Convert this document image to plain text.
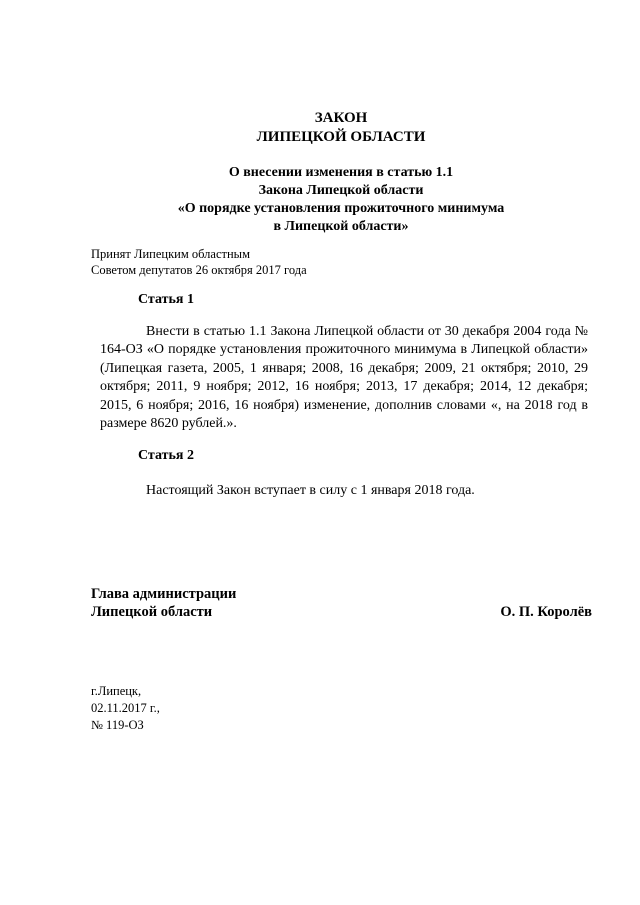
ЗАКОН
ЛИПЕЦКОЙ ОБЛАСТИ
О внесении изменения в статью 1.1
Закона Липецкой области
«О порядке установления прожиточного минимума
в Липецкой области»
Принят Липецким областным
Советом депутатов 26 октября 2017 года
Статья 1
Внести в статью 1.1 Закона Липецкой области от 30 декабря 2004 года № 164-ОЗ «О порядке установления прожиточного минимума в Липецкой области» (Липецкая газета, 2005, 1 января; 2008, 16 декабря; 2009, 21 октября; 2010, 29 октября; 2011, 9 ноября; 2012, 16 ноября; 2013, 17 декабря; 2014, 12 декабря; 2015, 6 ноября; 2016, 16 ноября) изменение, дополнив словами «, на 2018 год в размере 8620 рублей.».
Статья 2
Настоящий Закон вступает в силу с 1 января 2018 года.
Глава администрации
Липецкой области	О. П. Королёв
г.Липецк,
02.11.2017 г.,
№ 119-ОЗ
